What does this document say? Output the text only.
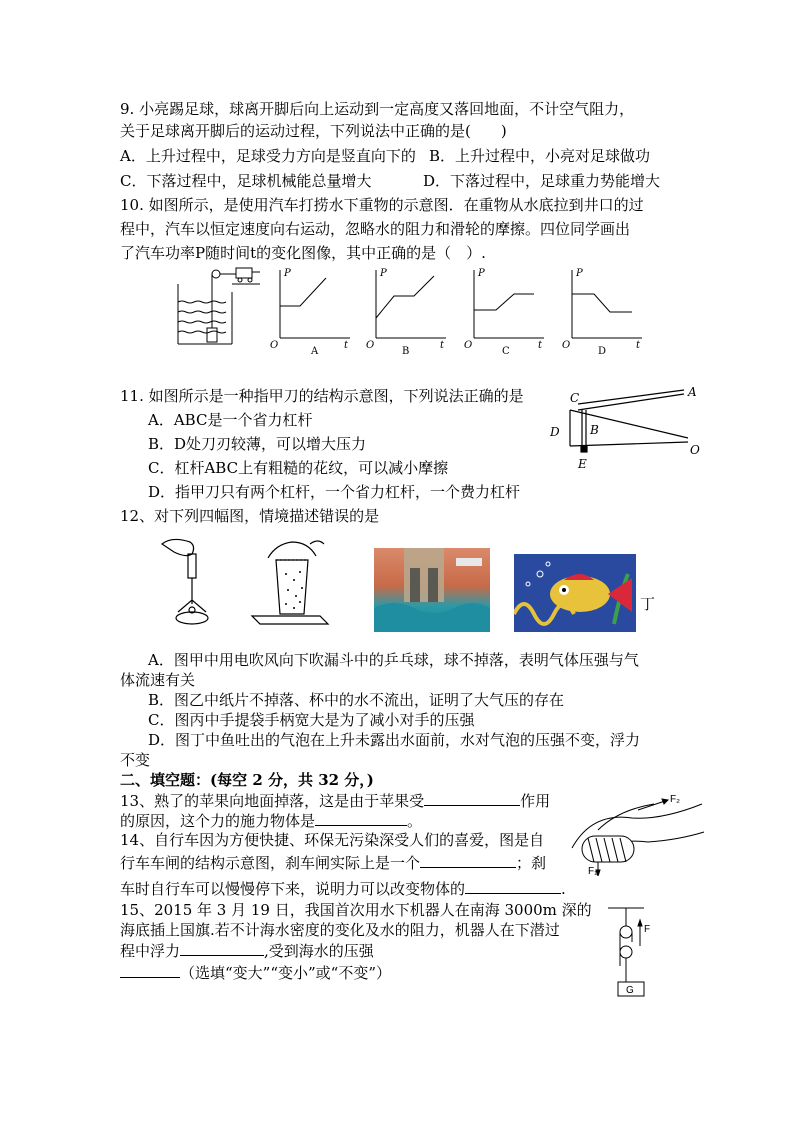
9. 小亮踢足球，球离开脚后向上运动到一定高度又落回地面，不计空气阻力，
关于足球离开脚后的运动过程，下列说法中正确的是(　　)
A．上升过程中，足球受力方向是竖直向下的 B．上升过程中，小亮对足球做功
C．下落过程中，足球机械能总量增大	D．下落过程中，足球重力势能增大
10. 如图所示，是使用汽车打捞水下重物的示意图．在重物从水底拉到井口的过
程中，汽车以恒定速度向右运动，忽略水的阻力和滑轮的摩擦。四位同学画出
了汽车功率P随时间t的变化图像，其中正确的是（　）.
P
O	t
A
P
O	t
B
P
O	t
C
P
O	t
D
11. 如图所示是一种指甲刀的结构示意图，下列说法正确的是
A．ABC是一个省力杠杆
B．D处刀刃较薄，可以增大压力
C．杠杆ABC上有粗糙的花纹，可以减小摩擦
D．指甲刀只有两个杠杆，一个省力杠杆，一个费力杠杆
C	A
B
D
E
O
12、对下列四幅图，情境描述错误的是
丁
A．图甲中用电吹风向下吹漏斗中的乒乓球，球不掉落，表明气体压强与气
体流速有关
B．图乙中纸片不掉落、杯中的水不流出，证明了大气压的存在
C．图丙中手提袋手柄宽大是为了减小对手的压强
D．图丁中鱼吐出的气泡在上升未露出水面前，水对气泡的压强不变，浮力
不变
二、填空题：(每空 2 分，共 32 分，)
13、熟了的苹果向地面掉落，这是由于苹果受	作用
的原因，这个力的施力物体是	。
14、自行车因为方便快捷、环保无污染深受人们的喜爱，图是自
行车车闸的结构示意图，刹车闸实际上是一个	；刹
车时自行车可以慢慢停下来，说明力可以改变物体的	.
F₂
F₁
15、2015 年 3 月 19 日，我国首次用水下机器人在南海 3000m 深的
海底插上国旗.若不计海水密度的变化及水的阻力，机器人在下潜过
程中浮力	,受到海水的压强
（选填“变大”“变小”或“不变”）
F
G
